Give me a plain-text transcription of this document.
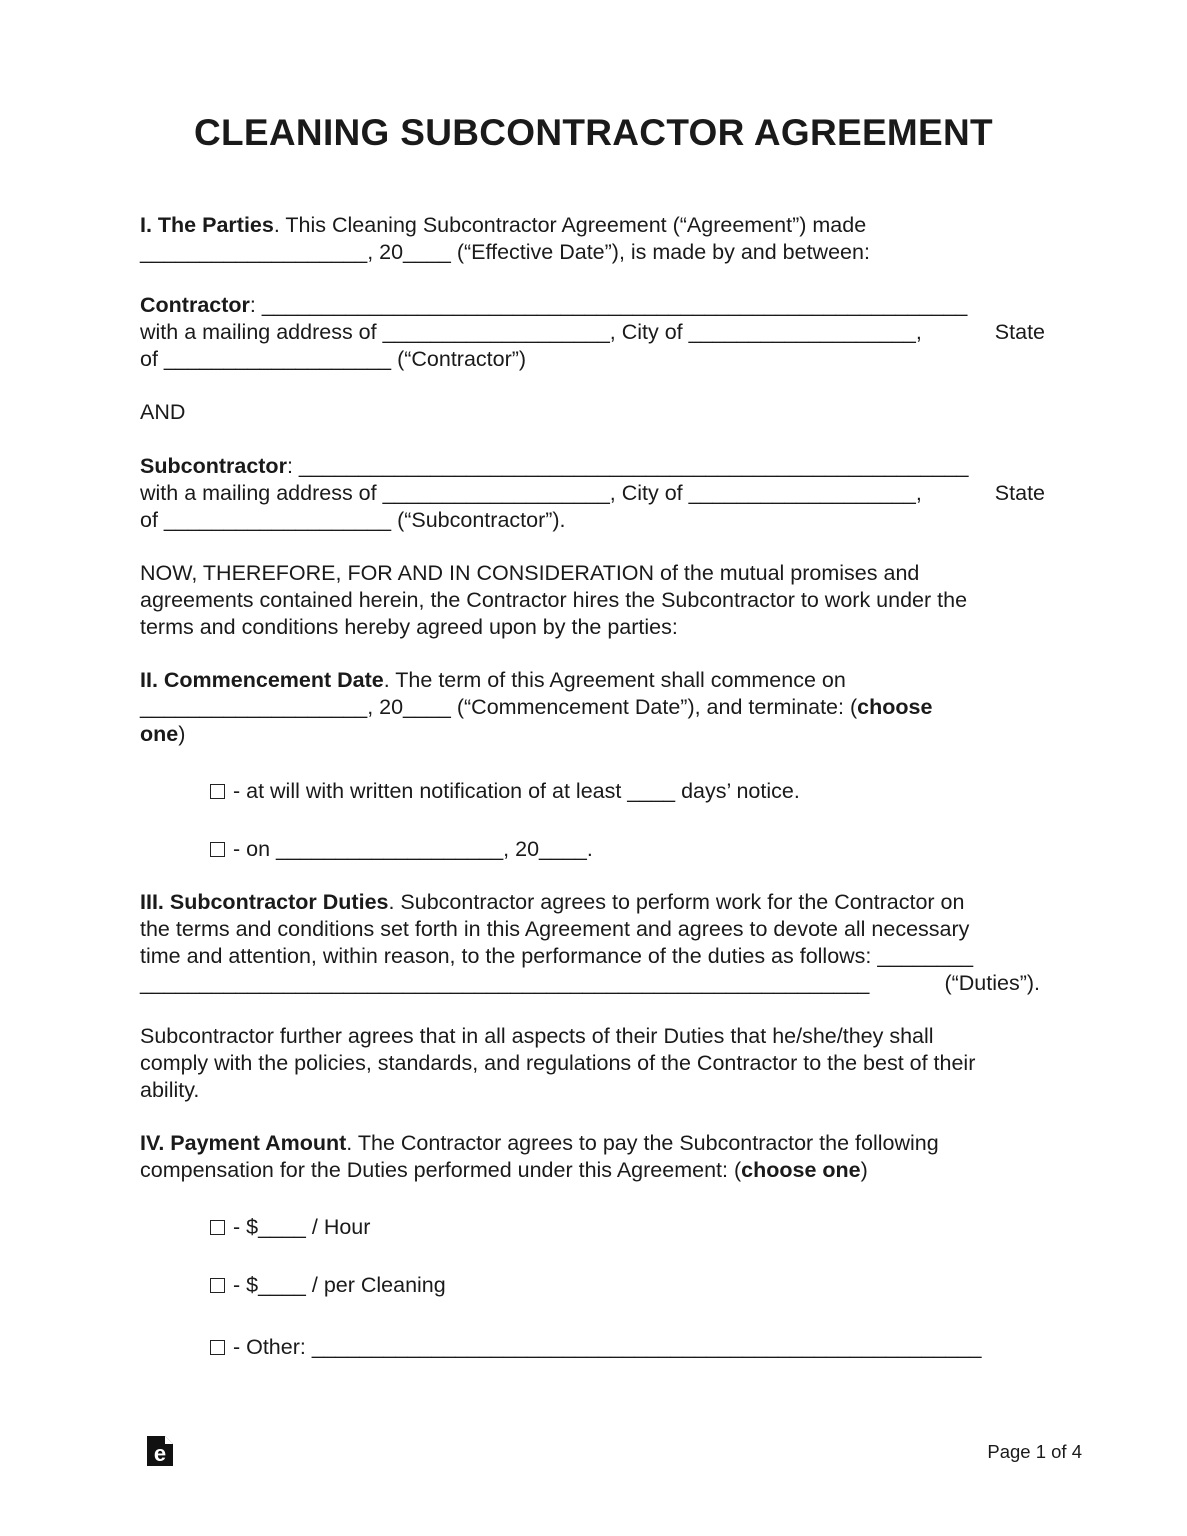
CLEANING SUBCONTRACTOR AGREEMENT
I. The Parties. This Cleaning Subcontractor Agreement (“Agreement”) made
___________________, 20____ (“Effective Date”), is made by and between:
Contractor: ___________________________________________________________
with a mailing address of ___________________, City of ___________________,	State
of ___________________ (“Contractor”)
AND
Subcontractor: ________________________________________________________
with a mailing address of ___________________, City of ___________________,	State
of ___________________ (“Subcontractor”).
NOW, THEREFORE, FOR AND IN CONSIDERATION of the mutual promises and
agreements contained herein, the Contractor hires the Subcontractor to work under the
terms and conditions hereby agreed upon by the parties:
II. Commencement Date. The term of this Agreement shall commence on
___________________, 20____ (“Commencement Date”), and terminate: (choose
one)
- at will with written notification of at least ____ days’ notice.
- on ___________________, 20____.
III. Subcontractor Duties. Subcontractor agrees to perform work for the Contractor on
the terms and conditions set forth in this Agreement and agrees to devote all necessary
time and attention, within reason, to the performance of the duties as follows: ________
_____________________________________________________________	(“Duties”).
Subcontractor further agrees that in all aspects of their Duties that he/she/they shall
comply with the policies, standards, and regulations of the Contractor to the best of their
ability.
IV. Payment Amount. The Contractor agrees to pay the Subcontractor the following
compensation for the Duties performed under this Agreement: (choose one)
- $____ / Hour
- $____ / per Cleaning
- Other: ________________________________________________________
e	Page 1 of 4
